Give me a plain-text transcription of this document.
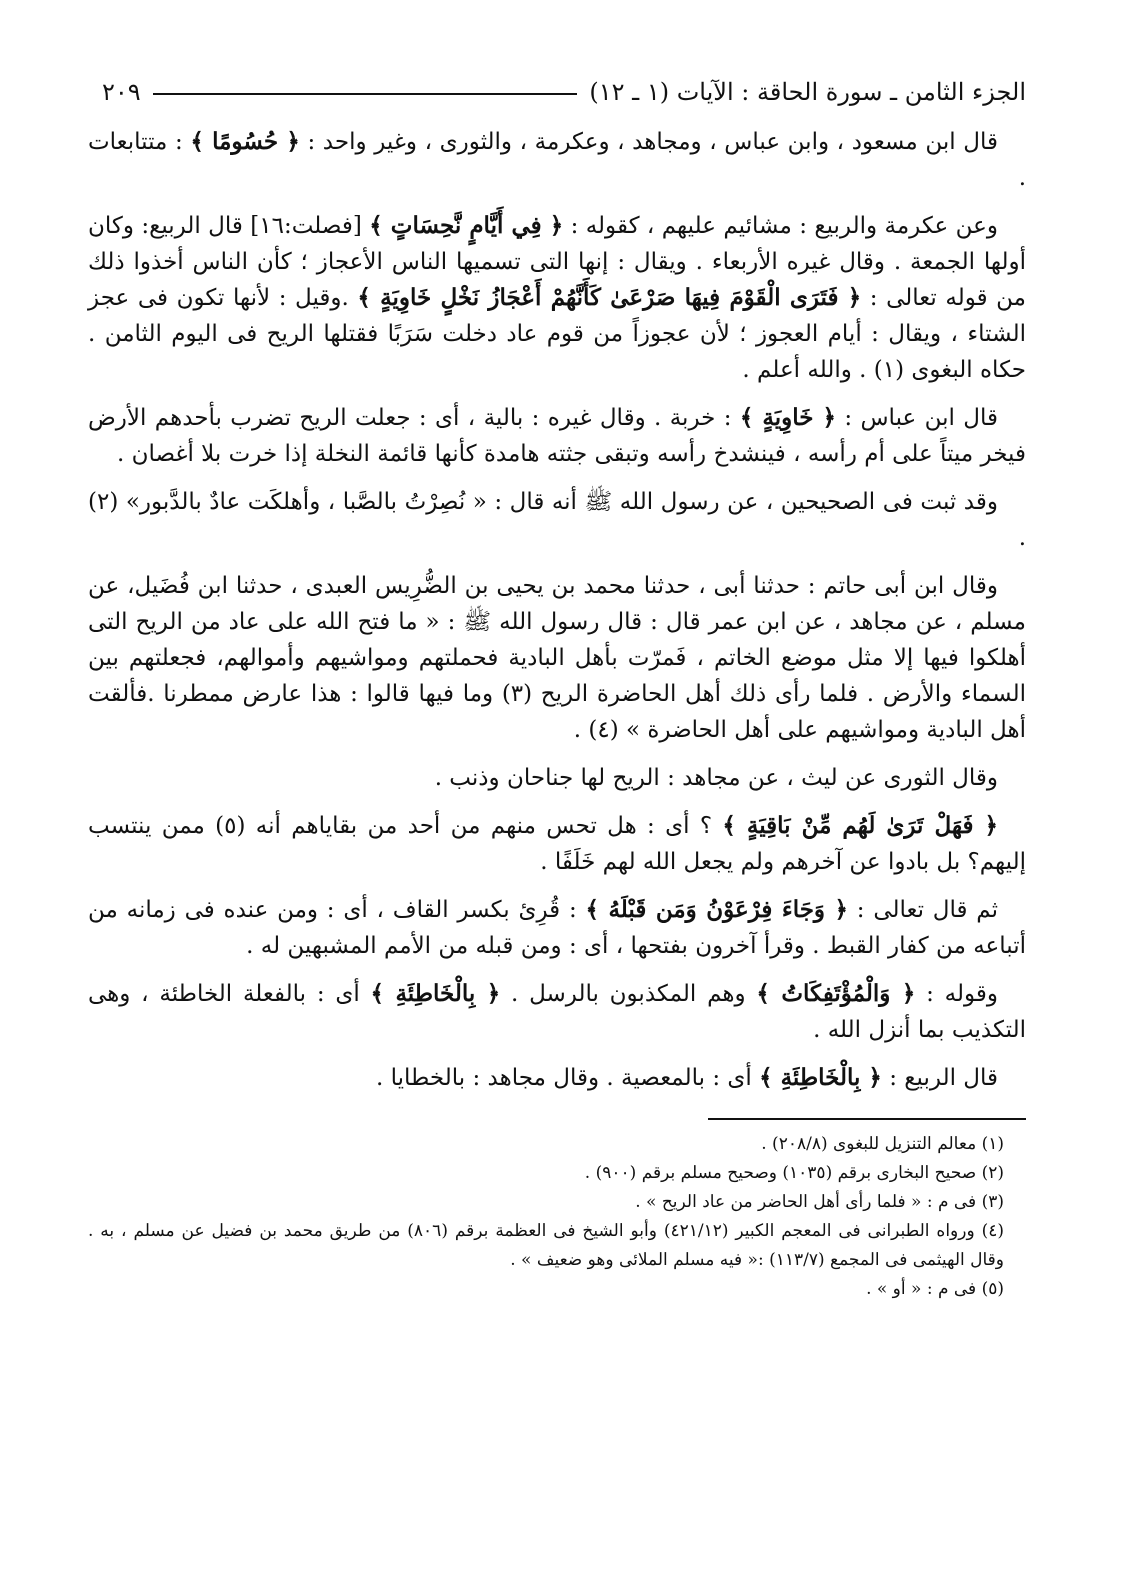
الجزء الثامن ـ سورة الحاقة : الآيات (١ ـ ١٢)
٢٠٩

قال ابن مسعود ، وابن عباس ، ومجاهد ، وعكرمة ، والثورى ، وغير واحد : ﴿ حُسُومًا ﴾ : متتابعات .

وعن عكرمة والربيع : مشائيم عليهم ، كقوله : ﴿ فِي أَيَّامٍ نَّحِسَاتٍ ﴾ [فصلت:١٦] قال الربيع: وكان أولها الجمعة . وقال غيره الأربعاء . ويقال : إنها التى تسميها الناس الأعجاز ؛ كأن الناس أخذوا ذلك من قوله تعالى : ﴿ فَتَرَى الْقَوْمَ فِيهَا صَرْعَىٰ كَأَنَّهُمْ أَعْجَازُ نَخْلٍ خَاوِيَةٍ ﴾ .وقيل : لأنها تكون فى عجز الشتاء ، ويقال : أيام العجوز ؛ لأن عجوزاً من قوم عاد دخلت سَرَبًا فقتلها الريح فى اليوم الثامن . حكاه البغوى (١) . والله أعلم .

قال ابن عباس : ﴿ خَاوِيَةٍ ﴾ : خربة . وقال غيره : بالية ، أى : جعلت الريح تضرب بأحدهم الأرض فيخر ميتاً على أم رأسه ، فينشدخ رأسه وتبقى جثته هامدة كأنها قائمة النخلة إذا خرت بلا أغصان .

وقد ثبت فى الصحيحين ، عن رسول الله ﷺ أنه قال : « نُصِرْتُ بالصَّبا ، وأهلكَت عادٌ بالدَّبور» (٢) .

وقال ابن أبى حاتم : حدثنا أبى ، حدثنا محمد بن يحيى بن الضُّرِيس العبدى ، حدثنا ابن فُضَيل، عن مسلم ، عن مجاهد ، عن ابن عمر قال : قال رسول الله ﷺ : « ما فتح الله على عاد من الريح التى أهلكوا فيها إلا مثل موضع الخاتم ، فَمرّت بأهل البادية فحملتهم ومواشيهم وأموالهم، فجعلتهم بين السماء والأرض . فلما رأى ذلك أهل الحاضرة الريح (٣) وما فيها قالوا : هذا عارض ممطرنا .فألقت أهل البادية ومواشيهم على أهل الحاضرة » (٤) .

وقال الثورى عن ليث ، عن مجاهد : الريح لها جناحان وذنب .

﴿ فَهَلْ تَرَىٰ لَهُم مِّنْ بَاقِيَةٍ ﴾ ؟ أى : هل تحس منهم من أحد من بقاياهم أنه (٥) ممن ينتسب إليهم؟ بل بادوا عن آخرهم ولم يجعل الله لهم خَلَفًا .

ثم قال تعالى : ﴿ وَجَاءَ فِرْعَوْنُ وَمَن قَبْلَهُ ﴾ : قُرِئ بكسر القاف ، أى : ومن عنده فى زمانه من أتباعه من كفار القبط . وقرأ آخرون بفتحها ، أى : ومن قبله من الأمم المشبهين له .

وقوله : ﴿ وَالْمُؤْتَفِكَاتُ ﴾ وهم المكذبون بالرسل . ﴿ بِالْخَاطِئَةِ ﴾ أى : بالفعلة الخاطئة ، وهى التكذيب بما أنزل الله .

قال الربيع : ﴿ بِالْخَاطِئَةِ ﴾ أى : بالمعصية . وقال مجاهد : بالخطايا .

(١) معالم التنزيل للبغوى (٢٠٨/٨) .
(٢) صحيح البخارى برقم (١٠٣٥) وصحيح مسلم برقم (٩٠٠) .
(٣) فى م : « فلما رأى أهل الحاضر من عاد الريح » .
(٤) ورواه الطبرانى فى المعجم الكبير (٤٢١/١٢) وأبو الشيخ فى العظمة برقم (٨٠٦) من طريق محمد بن فضيل عن مسلم ، به . وقال الهيثمى فى المجمع (١١٣/٧) :« فيه مسلم الملائى وهو ضعيف » .
(٥) فى م : « أو » .
